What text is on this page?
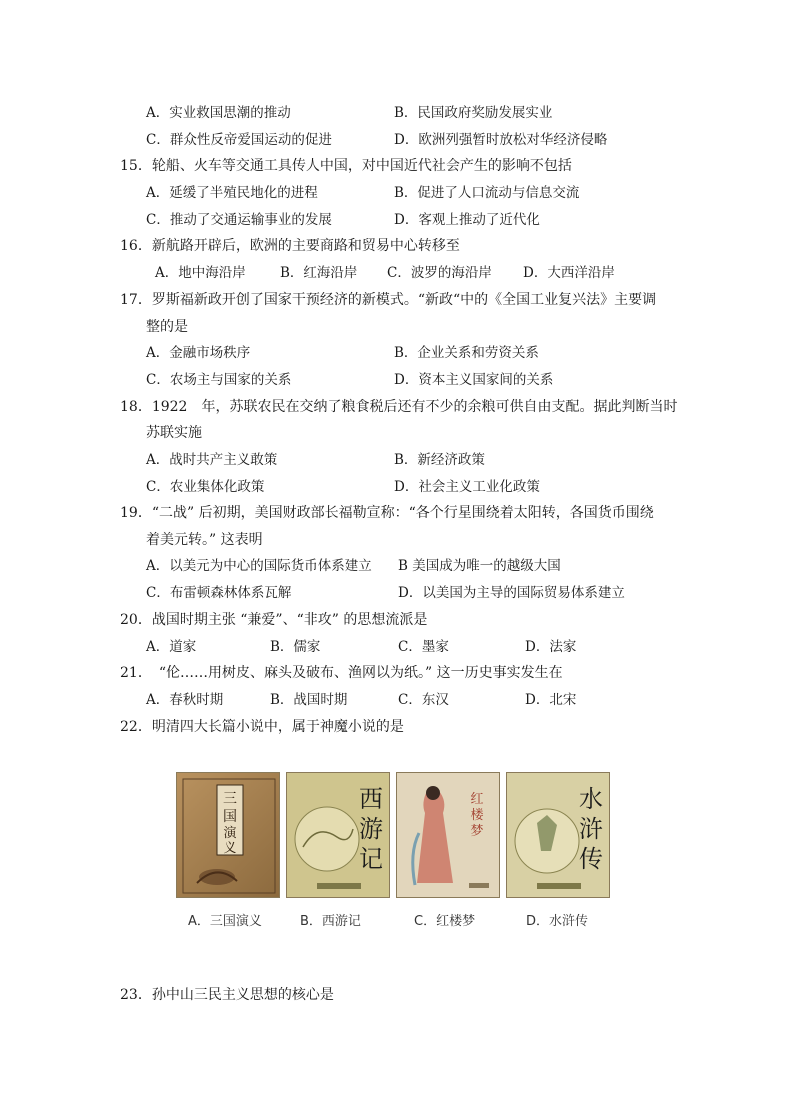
A．实业救国思潮的推动	B．民国政府奖励发展实业
C．群众性反帝爱国运动的促进	D．欧洲列强暂时放松对华经济侵略
15．轮船、火车等交通工具传人中国，对中国近代社会产生的影响不包括
A．延缓了半殖民地化的进程	B．促进了人口流动与信息交流
C．推动了交通运输事业的发展	D．客观上推动了近代化
16．新航路开辟后，欧洲的主要商路和贸易中心转移至
A．地中海沿岸	B．红海沿岸 C．波罗的海沿岸 D．大西洋沿岸
17．罗斯福新政开创了国家干预经济的新模式。“新政“中的《全国工业复兴法》主要调
整的是
A．金融市场秩序	B．企业关系和劳资关系
C．农场主与国家的关系	D．资本主义国家间的关系
18．1922　年，苏联农民在交纳了粮食税后还有不少的余粮可供自由支配。据此判断当时
苏联实施
A．战时共产主义敢策	B．新经济政策
C．农业集体化政策	D．社会主义工业化政策
19．“二战” 后初期，美国财政部长福勒宣称：“各个行星围绕着太阳转，各国货币围绕
着美元转。” 这表明
A．以美元为中心的国际货币体系建立 B 美国成为唯一的越级大国
C．布雷顿森林体系瓦解	D．以美国为主导的国际贸易体系建立
20．战国时期主张 “兼爱”、“非攻” 的思想流派是
A．道家	B．儒家	C．墨家	D．法家
21．　“伦……用树皮、麻头及破布、渔网以为纸。” 这一历史事实发生在
A．春秋时期	B．战国时期	C．东汉	D．北宋
22．明清四大长篇小说中，属于神魔小说的是
三
国
演
义
西
游
记
红
楼
梦
水
浒
传
A．三国演义	B．西游记	C．红楼梦	D．水浒传
23．孙中山三民主义思想的核心是
